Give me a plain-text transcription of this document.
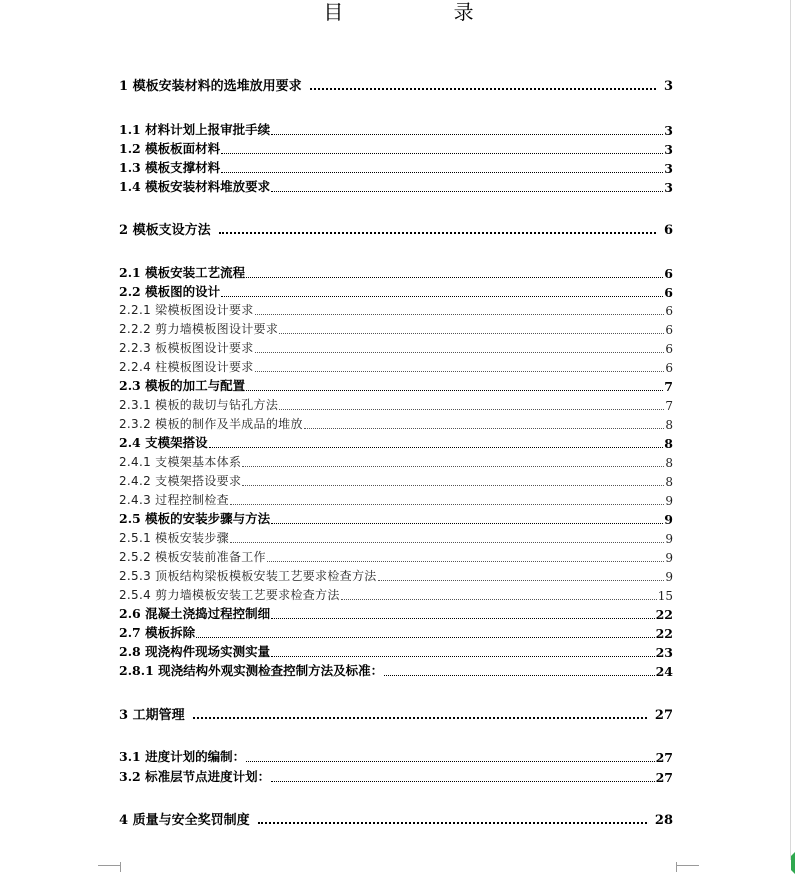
目 录
1 模板安装材料的选堆放用要求	3
1.1 材料计划上报审批手续	3
1.2 模板板面材料	3
1.3 模板支撑材料	3
1.4 模板安装材料堆放要求	3
2 模板支设方法	6
2.1 模板安装工艺流程	6
2.2 模板图的设计	6
2.2.1 梁模板图设计要求	6
2.2.2 剪力墙模板图设计要求	6
2.2.3 板模板图设计要求	6
2.2.4 柱模板图设计要求	6
2.3 模板的加工与配置	7
2.3.1 模板的裁切与钻孔方法	7
2.3.2 模板的制作及半成品的堆放	8
2.4 支模架搭设	8
2.4.1 支模架基本体系	8
2.4.2 支模架搭设要求	8
2.4.3 过程控制检查	9
2.5 模板的安装步骤与方法	9
2.5.1 模板安装步骤	9
2.5.2 模板安装前准备工作	9
2.5.3 顶板结构梁板模板安装工艺要求检查方法	9
2.5.4 剪力墙模板安装工艺要求检查方法	15
2.6 混凝土浇捣过程控制细	22
2.7 模板拆除	22
2.8 现浇构件现场实测实量	23
2.8.1 现浇结构外观实测检查控制方法及标准：	24
3 工期管理	27
3.1 进度计划的编制：	27
3.2 标准层节点进度计划：	27
4 质量与安全奖罚制度	28
